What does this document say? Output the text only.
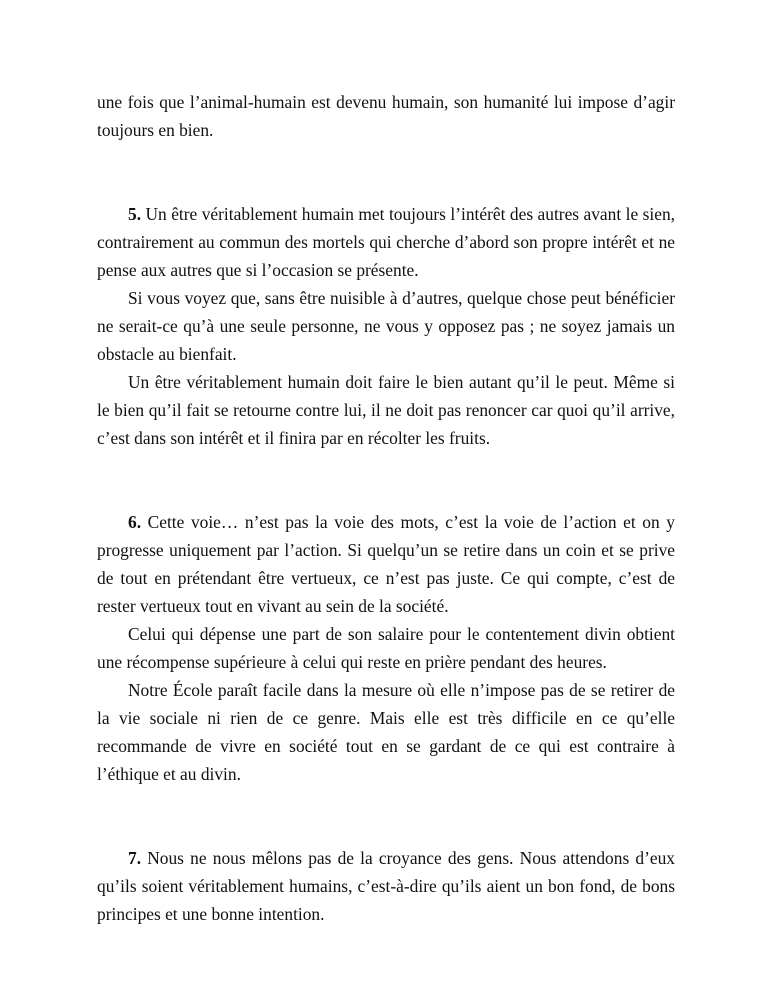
une fois que l’animal-humain est devenu humain, son humanité lui impose d’agir toujours en bien.

5. Un être véritablement humain met toujours l’intérêt des autres avant le sien, contrairement au commun des mortels qui cherche d’abord son propre intérêt et ne pense aux autres que si l’occasion se présente.

Si vous voyez que, sans être nuisible à d’autres, quelque chose peut bénéficier ne serait-ce qu’à une seule personne, ne vous y opposez pas ; ne soyez jamais un obstacle au bienfait.

Un être véritablement humain doit faire le bien autant qu’il le peut. Même si le bien qu’il fait se retourne contre lui, il ne doit pas renoncer car quoi qu’il arrive, c’est dans son intérêt et il finira par en récolter les fruits.

6. Cette voie… n’est pas la voie des mots, c’est la voie de l’action et on y progresse uniquement par l’action. Si quelqu’un se retire dans un coin et se prive de tout en prétendant être vertueux, ce n’est pas juste. Ce qui compte, c’est de rester vertueux tout en vivant au sein de la société.

Celui qui dépense une part de son salaire pour le contentement divin obtient une récompense supérieure à celui qui reste en prière pendant des heures.

Notre École paraît facile dans la mesure où elle n’impose pas de se retirer de la vie sociale ni rien de ce genre. Mais elle est très difficile en ce qu’elle recommande de vivre en société tout en se gardant de ce qui est contraire à l’éthique et au divin.

7. Nous ne nous mêlons pas de la croyance des gens. Nous attendons d’eux qu’ils soient véritablement humains, c’est-à-dire qu’ils aient un bon fond, de bons principes et une bonne intention.
